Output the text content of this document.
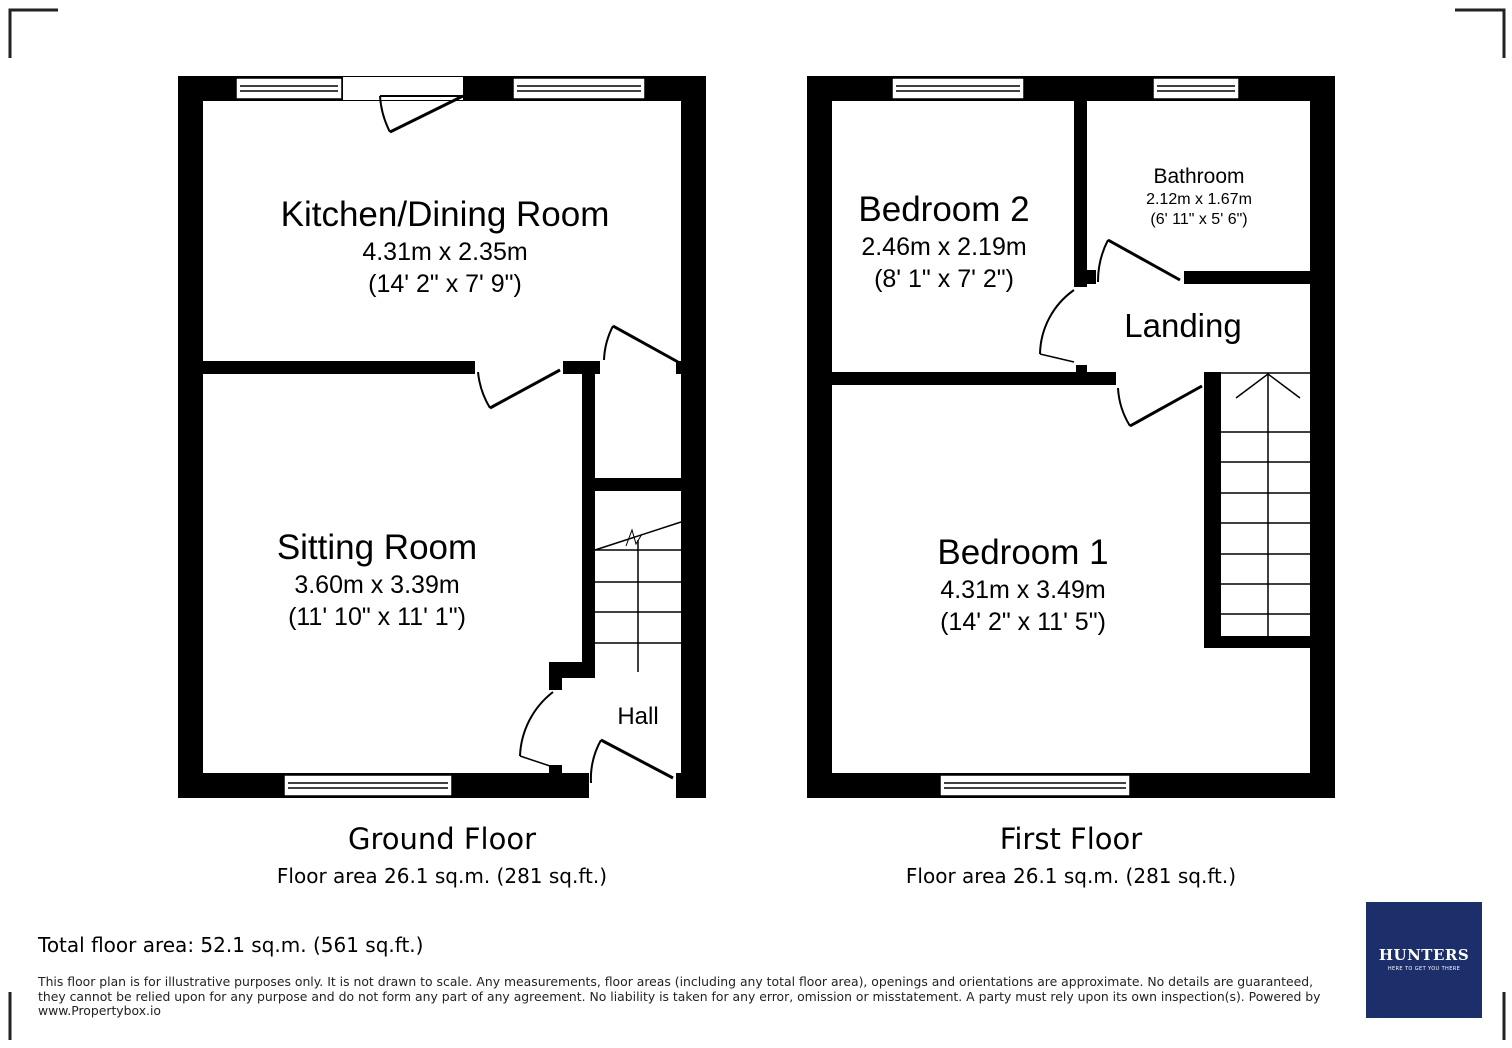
Kitchen/Dining Room
4.31m x 2.35m
(14' 2" x 7' 9")
Sitting Room
3.60m x 3.39m
(11' 10" x 11' 1")
Hall
Bedroom 2
2.46m x 2.19m
(8' 1" x 7' 2")
Bathroom
2.12m x 1.67m
(6' 11" x 5' 6")
Landing
Bedroom 1
4.31m x 3.49m
(14' 2" x 11' 5")
Ground Floor
Floor area 26.1 sq.m. (281 sq.ft.)
First Floor
Floor area 26.1 sq.m. (281 sq.ft.)
Total floor area: 52.1 sq.m. (561 sq.ft.)
This floor plan is for illustrative purposes only. It is not drawn to scale. Any measurements, floor areas (including any total floor area), openings and orientations are approximate. No details are guaranteed, they cannot be relied upon for any purpose and do not form any part of any agreement. No liability is taken for any error, omission or misstatement. A party must rely upon its own inspection(s). Powered by www.Propertybox.io
HUNTERS
HERE TO GET YOU THERE
